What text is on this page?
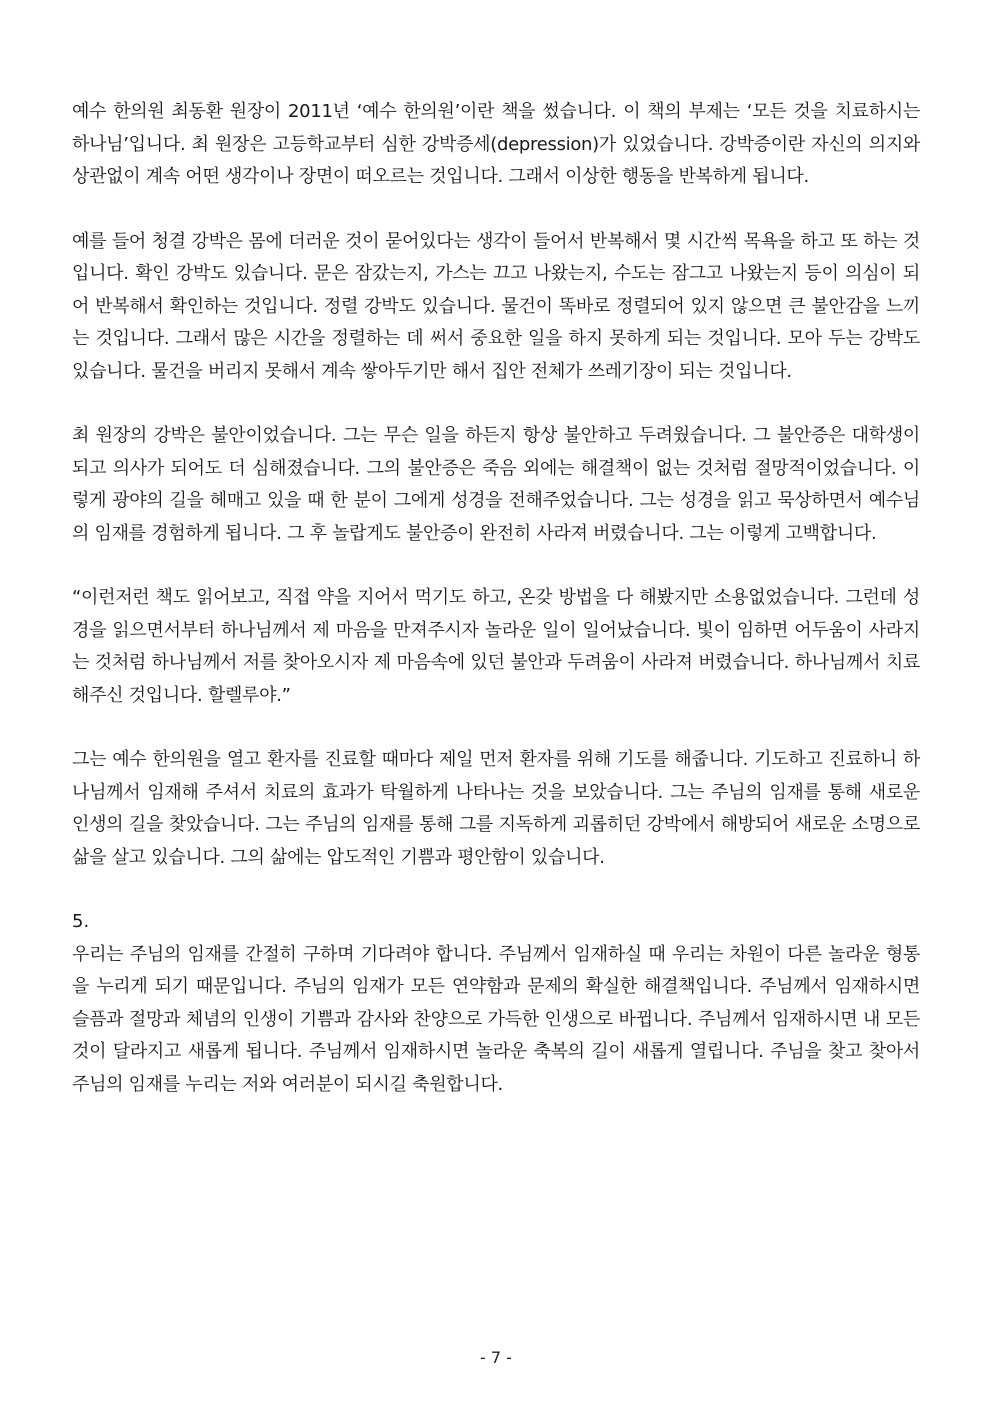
예수 한의원 최동환 원장이 2011년 ‘예수 한의원’이란 책을 썼습니다. 이 책의 부제는 ‘모든 것을 치료하시는 하나님’입니다. 최 원장은 고등학교부터 심한 강박증세(depression)가 있었습니다. 강박증이란 자신의 의지와 상관없이 계속 어떤 생각이나 장면이 떠오르는 것입니다. 그래서 이상한 행동을 반복하게 됩니다.

예를 들어 청결 강박은 몸에 더러운 것이 묻어있다는 생각이 들어서 반복해서 몇 시간씩 목욕을 하고 또 하는 것입니다. 확인 강박도 있습니다. 문은 잠갔는지, 가스는 끄고 나왔는지, 수도는 잠그고 나왔는지 등이 의심이 되어 반복해서 확인하는 것입니다. 정렬 강박도 있습니다. 물건이 똑바로 정렬되어 있지 않으면 큰 불안감을 느끼는 것입니다. 그래서 많은 시간을 정렬하는 데 써서 중요한 일을 하지 못하게 되는 것입니다. 모아 두는 강박도 있습니다. 물건을 버리지 못해서 계속 쌓아두기만 해서 집안 전체가 쓰레기장이 되는 것입니다.

최 원장의 강박은 불안이었습니다. 그는 무슨 일을 하든지 항상 불안하고 두려웠습니다. 그 불안증은 대학생이 되고 의사가 되어도 더 심해졌습니다. 그의 불안증은 죽음 외에는 해결책이 없는 것처럼 절망적이었습니다. 이렇게 광야의 길을 헤매고 있을 때 한 분이 그에게 성경을 전해주었습니다. 그는 성경을 읽고 묵상하면서 예수님의 임재를 경험하게 됩니다. 그 후 놀랍게도 불안증이 완전히 사라져 버렸습니다. 그는 이렇게 고백합니다.

“이런저런 책도 읽어보고, 직접 약을 지어서 먹기도 하고, 온갖 방법을 다 해봤지만 소용없었습니다. 그런데 성경을 읽으면서부터 하나님께서 제 마음을 만져주시자 놀라운 일이 일어났습니다. 빛이 임하면 어두움이 사라지는 것처럼 하나님께서 저를 찾아오시자 제 마음속에 있던 불안과 두려움이 사라져 버렸습니다. 하나님께서 치료해주신 것입니다. 할렐루야.”

그는 예수 한의원을 열고 환자를 진료할 때마다 제일 먼저 환자를 위해 기도를 해줍니다. 기도하고 진료하니 하나님께서 임재해 주셔서 치료의 효과가 탁월하게 나타나는 것을 보았습니다. 그는 주님의 임재를 통해 새로운 인생의 길을 찾았습니다. 그는 주님의 임재를 통해 그를 지독하게 괴롭히던 강박에서 해방되어 새로운 소명으로 삶을 살고 있습니다. 그의 삶에는 압도적인 기쁨과 평안함이 있습니다.

5.

우리는 주님의 임재를 간절히 구하며 기다려야 합니다. 주님께서 임재하실 때 우리는 차원이 다른 놀라운 형통을 누리게 되기 때문입니다. 주님의 임재가 모든 연약함과 문제의 확실한 해결책입니다. 주님께서 임재하시면 슬픔과 절망과 체념의 인생이 기쁨과 감사와 찬양으로 가득한 인생으로 바뀝니다. 주님께서 임재하시면 내 모든 것이 달라지고 새롭게 됩니다. 주님께서 임재하시면 놀라운 축복의 길이 새롭게 열립니다. 주님을 찾고 찾아서 주님의 임재를 누리는 저와 여러분이 되시길 축원합니다.

- 7 -
